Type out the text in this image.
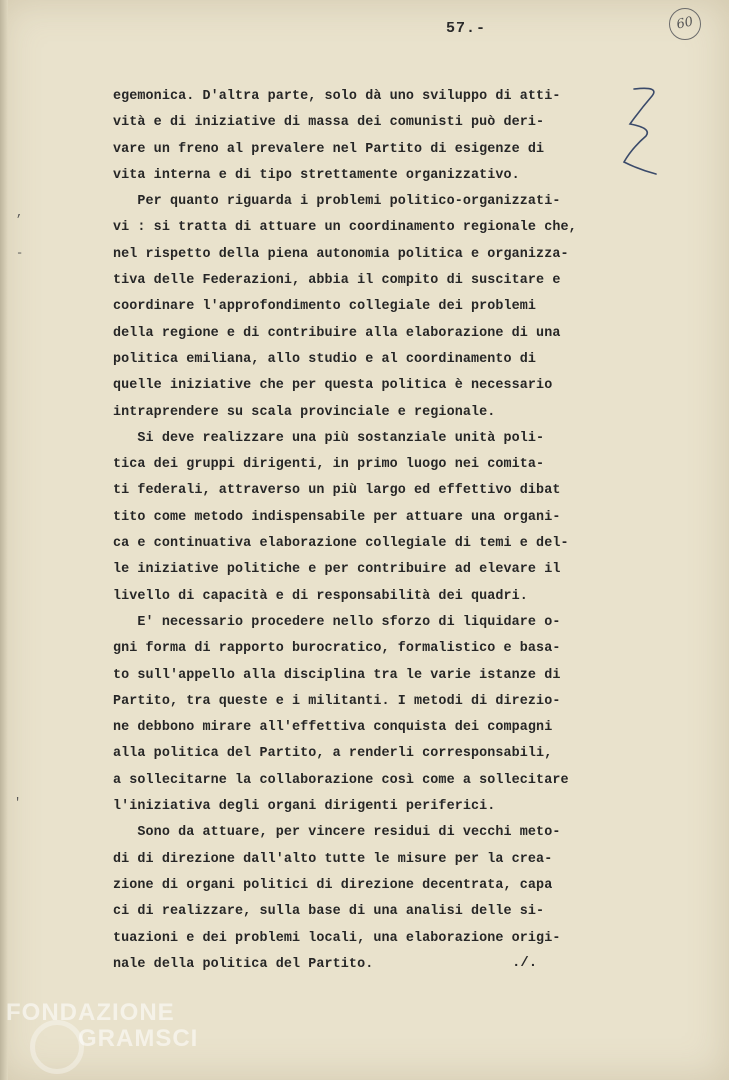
57.-	60
,
-
'
egemonica. D'altra parte, solo dà uno sviluppo di atti-
vità e di iniziative di massa dei comunisti può deri-
vare un freno al prevalere nel Partito di esigenze di
vita interna e di tipo strettamente organizzativo.
Per quanto riguarda i problemi politico-organizzati-
vi : si tratta di attuare un coordinamento regionale che,
nel rispetto della piena autonomia politica e organizza-
tiva delle Federazioni, abbia il compito di suscitare e
coordinare l'approfondimento collegiale dei problemi
della regione e di contribuire alla elaborazione di una
politica emiliana, allo studio e al coordinamento di
quelle iniziative che per questa politica è necessario
intraprendere su scala provinciale e regionale.
Si deve realizzare una più sostanziale unità poli-
tica dei gruppi dirigenti, in primo luogo nei comita-
ti federali, attraverso un più largo ed effettivo dibat
tito come metodo indispensabile per attuare una organi-
ca e continuativa elaborazione collegiale di temi e del-
le iniziative politiche e per contribuire ad elevare il
livello di capacità e di responsabilità dei quadri.
E' necessario procedere nello sforzo di liquidare o-
gni forma di rapporto burocratico, formalistico e basa-
to sull'appello alla disciplina tra le varie istanze di
Partito, tra queste e i militanti. I metodi di direzio-
ne debbono mirare all'effettiva conquista dei compagni
alla politica del Partito, a renderli corresponsabili,
a sollecitarne la collaborazione così come a sollecitare
l'iniziativa degli organi dirigenti periferici.
Sono da attuare, per vincere residui di vecchi meto-
di di direzione dall'alto tutte le misure per la crea-
zione di organi politici di direzione decentrata, capa
ci di realizzare, sulla base di una analisi delle si-
tuazioni e dei problemi locali, una elaborazione origi-
nale della politica del Partito.	./.
FONDAZIONE
GRAMSCI
